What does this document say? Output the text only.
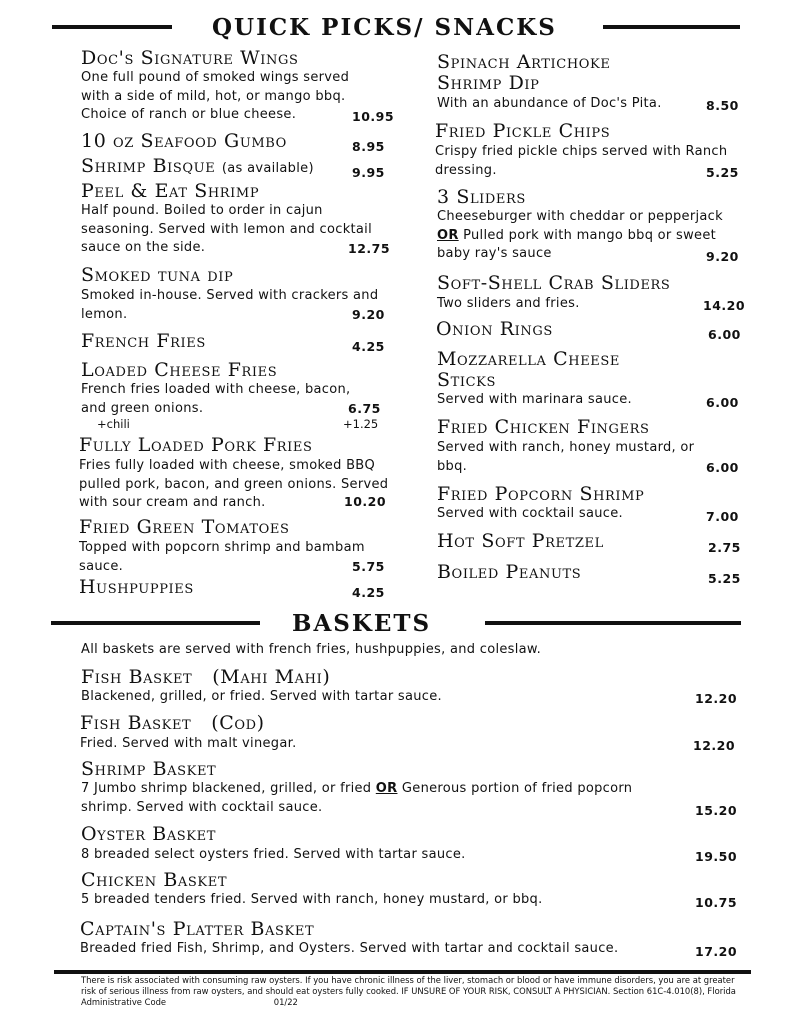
QUICK PICKS/ SNACKS
Doc's Signature Wings
One full pound of smoked wings served with a side of mild, hot, or mango bbq. Choice of ranch or blue cheese.	10.95
10 oz Seafood Gumbo	8.95
Shrimp Bisque (as available)	9.95
Peel & Eat Shrimp
Half pound. Boiled to order in cajun seasoning. Served with lemon and cocktail sauce on the side.	12.75
Smoked tuna dip
Smoked in-house. Served with crackers and lemon.	9.20
French Fries	4.25
Loaded Cheese Fries
French fries loaded with cheese, bacon, and green onions.	6.75
+chili	+1.25
Fully Loaded Pork Fries
Fries fully loaded with cheese, smoked BBQ pulled pork, bacon, and green onions. Served with sour cream and ranch.	10.20
Fried Green Tomatoes
Topped with popcorn shrimp and bambam sauce.	5.75
Hushpuppies	4.25
Spinach Artichoke
Shrimp Dip
With an abundance of Doc's Pita.	8.50
Fried Pickle Chips
Crispy fried pickle chips served with Ranch dressing.	5.25
3 Sliders
Cheeseburger with cheddar or pepperjack OR Pulled pork with mango bbq or sweet baby ray's sauce	9.20
Soft-Shell Crab Sliders
Two sliders and fries.	14.20
Onion Rings	6.00
Mozzarella Cheese
Sticks
Served with marinara sauce.	6.00
Fried Chicken Fingers
Served with ranch, honey mustard, or bbq.	6.00
Fried Popcorn Shrimp
Served with cocktail sauce.	7.00
Hot Soft Pretzel	2.75
Boiled Peanuts	5.25
BASKETS
All baskets are served with french fries, hushpuppies, and coleslaw.
Fish Basket   (Mahi Mahi)
Blackened, grilled, or fried. Served with tartar sauce.	12.20
Fish Basket   (Cod)
Fried. Served with malt vinegar.	12.20
Shrimp Basket
7 Jumbo shrimp blackened, grilled, or fried OR Generous portion of fried popcorn shrimp. Served with cocktail sauce.	15.20
Oyster Basket
8 breaded select oysters fried. Served with tartar sauce.	19.50
Chicken Basket
5 breaded tenders fried. Served with ranch, honey mustard, or bbq.	10.75
Captain's Platter Basket
Breaded fried Fish, Shrimp, and Oysters. Served with tartar and cocktail sauce.	17.20
There is risk associated with consuming raw oysters. If you have chronic illness of the liver, stomach or blood or have immune disorders, you are at greater risk of serious illness from raw oysters, and should eat oysters fully cooked. IF UNSURE OF YOUR RISK, CONSULT A PHYSICIAN. Section 61C-4.010(8), Florida Administrative Code	01/22
